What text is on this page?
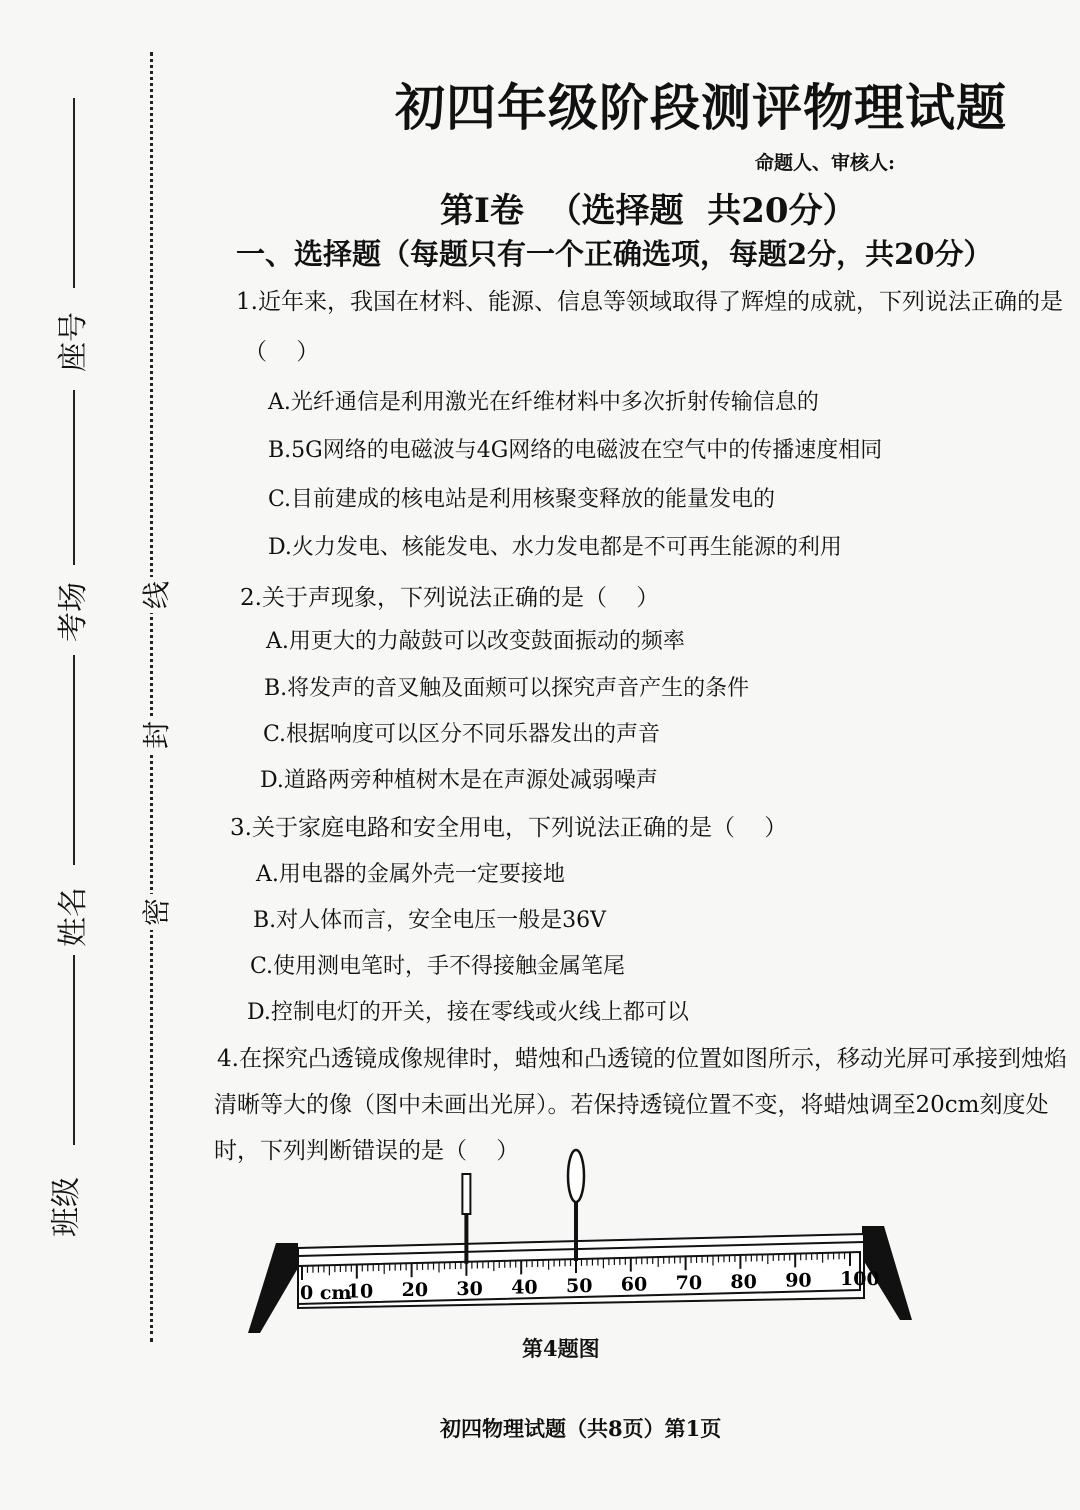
座号
考场
姓名
班级
线
封
密
初四年级阶段测评物理试题
命题人、审核人:
第I卷  （选择题  共20分）
一、选择题（每题只有一个正确选项，每题2分，共20分）
1.近年来，我国在材料、能源、信息等领域取得了辉煌的成就，下列说法正确的是
（    ）
A.光纤通信是利用激光在纤维材料中多次折射传输信息的
B.5G网络的电磁波与4G网络的电磁波在空气中的传播速度相同
C.目前建成的核电站是利用核聚变释放的能量发电的
D.火力发电、核能发电、水力发电都是不可再生能源的利用
2.关于声现象，下列说法正确的是（    ）
A.用更大的力敲鼓可以改变鼓面振动的频率
B.将发声的音叉触及面颊可以探究声音产生的条件
C.根据响度可以区分不同乐器发出的声音
D.道路两旁种植树木是在声源处减弱噪声
3.关于家庭电路和安全用电，下列说法正确的是（    ）
A.用电器的金属外壳一定要接地
B.对人体而言，安全电压一般是36V
C.使用测电笔时，手不得接触金属笔尾
D.控制电灯的开关，接在零线或火线上都可以
4.在探究凸透镜成像规律时，蜡烛和凸透镜的位置如图所示，移动光屏可承接到烛焰
清晰等大的像（图中未画出光屏）。若保持透镜位置不变，将蜡烛调至20cm刻度处
时，下列判断错误的是（    ）
0 cm
10 20 30 40 50 60 70 80 90 100
第4题图
初四物理试题（共8页）第1页
